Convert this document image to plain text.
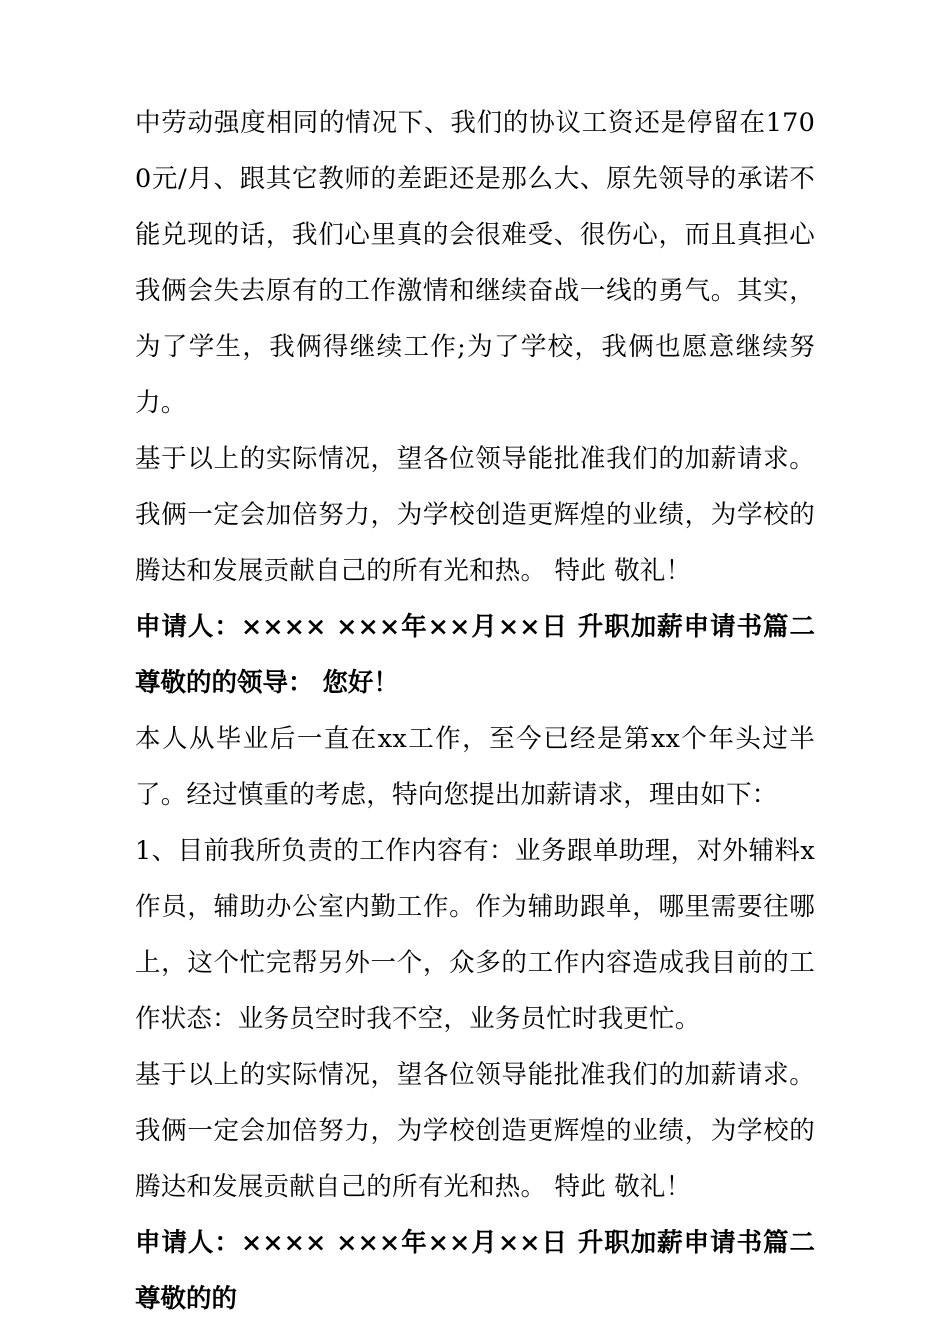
中劳动强度相同的情况下、我们的协议工资还是停留在1700元/月、跟其它教师的差距还是那么大、原先领导的承诺不能兑现的话，我们心里真的会很难受、很伤心，而且真担心我俩会失去原有的工作激情和继续奋战一线的勇气。其实，为了学生，我俩得继续工作;为了学校，我俩也愿意继续努力。

基于以上的实际情况，望各位领导能批准我们的加薪请求。我俩一定会加倍努力，为学校创造更辉煌的业绩，为学校的腾达和发展贡献自己的所有光和热。 特此 敬礼！

申请人：×××× ×××年××月××日 升职加薪申请书篇二 尊敬的的领导： 您好！

本人从毕业后一直在xx工作，至今已经是第xx个年头过半了。经过慎重的考虑，特向您提出加薪请求，理由如下：

1、目前我所负责的工作内容有：业务跟单助理，对外辅料x作员，辅助办公室内勤工作。作为辅助跟单，哪里需要往哪上，这个忙完帮另外一个，众多的工作内容造成我目前的工作状态：业务员空时我不空，业务员忙时我更忙。

基于以上的实际情况，望各位领导能批准我们的加薪请求。我俩一定会加倍努力，为学校创造更辉煌的业绩，为学校的腾达和发展贡献自己的所有光和热。 特此 敬礼！

申请人：×××× ×××年××月××日 升职加薪申请书篇二 尊敬的的
